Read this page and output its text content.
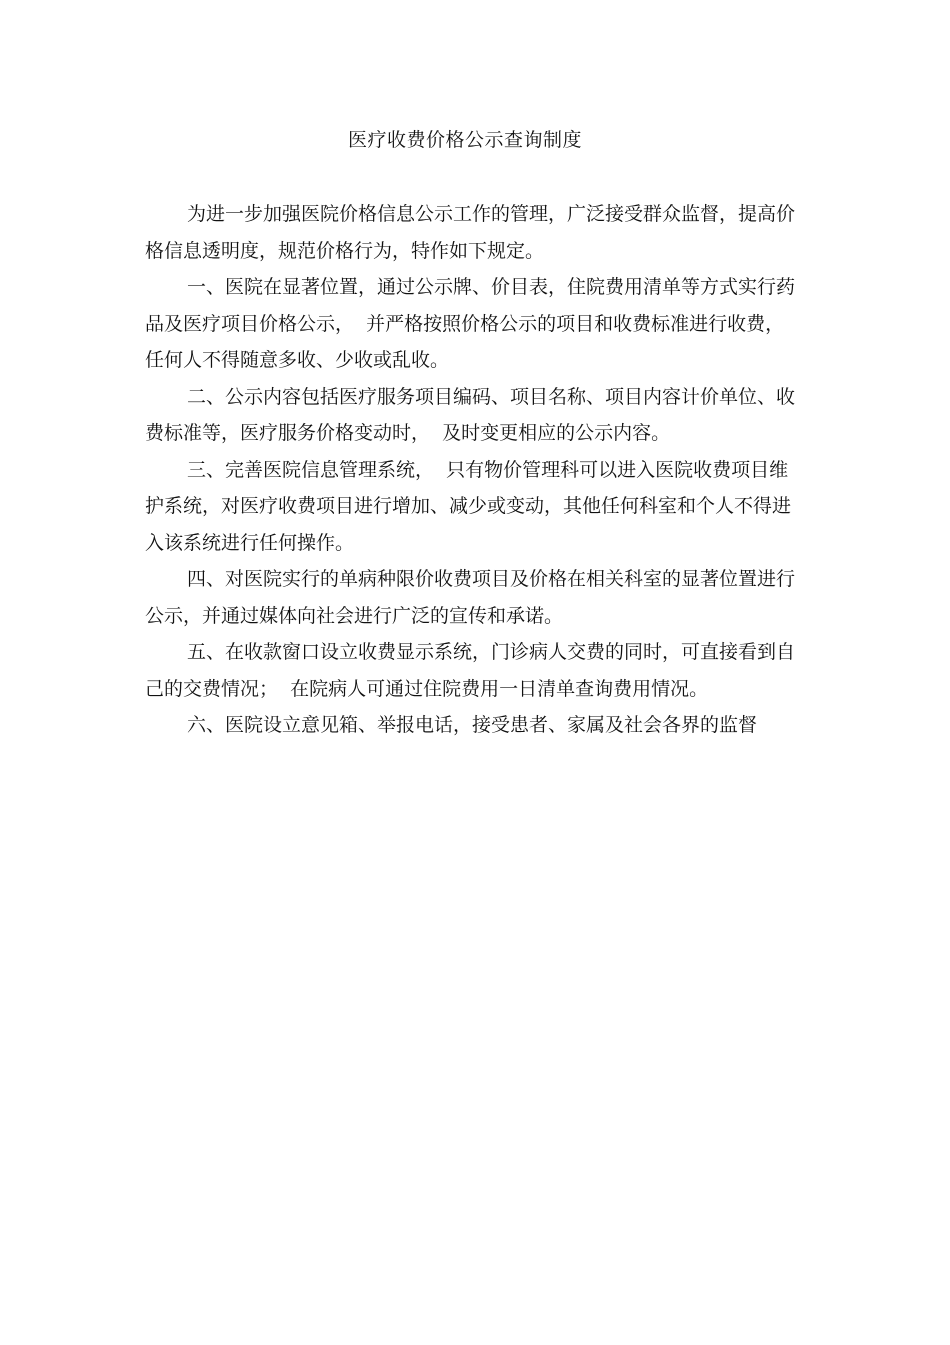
医疗收费价格公示查询制度

为进一步加强医院价格信息公示工作的管理，广泛接受群众监督，提高价格信息透明度，规范价格行为，特作如下规定。

一、医院在显著位置，通过公示牌、价目表，住院费用清单等方式实行药品及医疗项目价格公示，  并严格按照价格公示的项目和收费标准进行收费，任何人不得随意多收、少收或乱收。

二、公示内容包括医疗服务项目编码、项目名称、项目内容计价单位、收费标准等，医疗服务价格变动时，  及时变更相应的公示内容。

三、完善医院信息管理系统，  只有物价管理科可以进入医院收费项目维护系统，对医疗收费项目进行增加、减少或变动，其他任何科室和个人不得进入该系统进行任何操作。

四、对医院实行的单病种限价收费项目及价格在相关科室的显著位置进行公示，并通过媒体向社会进行广泛的宣传和承诺。

五、在收款窗口设立收费显示系统，门诊病人交费的同时，可直接看到自己的交费情况；  在院病人可通过住院费用一日清单查询费用情况。

六、医院设立意见箱、举报电话，接受患者、家属及社会各界的监督
